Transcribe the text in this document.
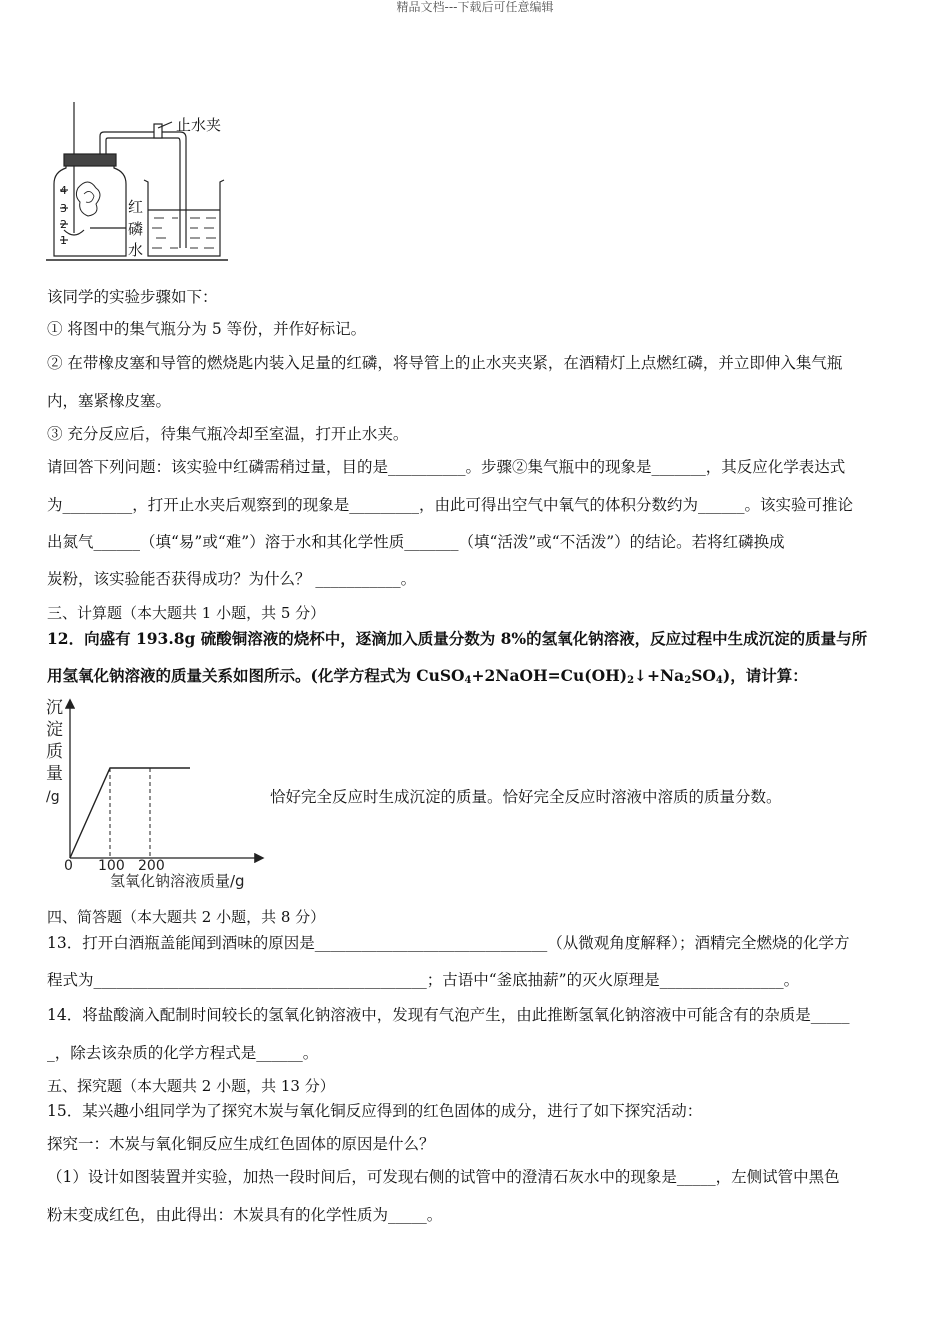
精品文档---下载后可任意编辑
止水夹
4
3
2
1
红
磷
水
该同学的实验步骤如下：
① 将图中的集气瓶分为 5 等份，并作好标记。
② 在带橡皮塞和导管的燃烧匙内装入足量的红磷，将导管上的止水夹夹紧，在酒精灯上点燃红磷，并立即伸入集气瓶
内，塞紧橡皮塞。
③ 充分反应后，待集气瓶冷却至室温，打开止水夹。
请回答下列问题：该实验中红磷需稍过量，目的是__________。步骤②集气瓶中的现象是_______，其反应化学表达式
为_________，打开止水夹后观察到的现象是_________，由此可得出空气中氧气的体积分数约为______。该实验可推论
出氮气______（填“易”或“难”）溶于水和其化学性质_______（填“活泼”或“不活泼”）的结论。若将红磷换成
炭粉，该实验能否获得成功？为什么？ ___________。
三、计算题（本大题共 1 小题，共 5 分）
12．向盛有 193.8g 硫酸铜溶液的烧杯中，逐滴加入质量分数为 8%的氢氧化钠溶液，反应过程中生成沉淀的质量与所
用氢氧化钠溶液的质量关系如图所示。(化学方程式为 $CuSO_4+2NaOH=Cu(OH)_2↓+Na_2SO_4$)，请计算：
沉
淀
质
量
/g
0 100 200
氢氧化钠溶液质量/g
恰好完全反应时生成沉淀的质量。恰好完全反应时溶液中溶质的质量分数。
四、简答题（本大题共 2 小题，共 8 分）
13．打开白酒瓶盖能闻到酒味的原因是______________________________（从微观角度解释）；酒精完全燃烧的化学方
程式为___________________________________________；古语中“釜底抽薪”的灭火原理是________________。
14．将盐酸滴入配制时间较长的氢氧化钠溶液中，发现有气泡产生，由此推断氢氧化钠溶液中可能含有的杂质是_____
_，除去该杂质的化学方程式是______。
五、探究题（本大题共 2 小题，共 13 分）
15．某兴趣小组同学为了探究木炭与氧化铜反应得到的红色固体的成分，进行了如下探究活动：
探究一：木炭与氧化铜反应生成红色固体的原因是什么？
（1）设计如图装置并实验，加热一段时间后，可发现右侧的试管中的澄清石灰水中的现象是_____，左侧试管中黑色
粉末变成红色，由此得出：木炭具有的化学性质为_____。
